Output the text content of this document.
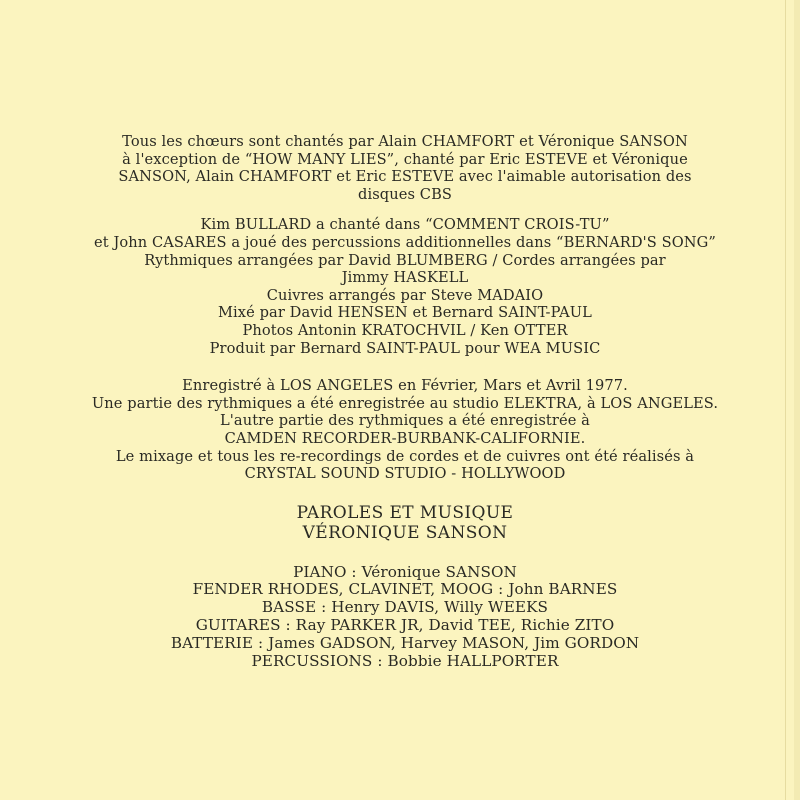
Tous les chœurs sont chantés par Alain CHAMFORT et Véronique SANSON

à l'exception de “HOW MANY LIES”, chanté par Eric ESTEVE et Véronique

SANSON, Alain CHAMFORT et Eric ESTEVE avec l'aimable autorisation des

disques CBS

Kim BULLARD a chanté dans “COMMENT CROIS-TU”

et John CASARES a joué des percussions additionnelles dans “BERNARD'S SONG”

Rythmiques arrangées par David BLUMBERG / Cordes arrangées par

Jimmy HASKELL

Cuivres arrangés par Steve MADAIO

Mixé par David HENSEN et Bernard SAINT-PAUL

Photos Antonin KRATOCHVIL / Ken OTTER

Produit par Bernard SAINT-PAUL pour WEA MUSIC

Enregistré à LOS ANGELES en Février, Mars et Avril 1977.

Une partie des rythmiques a été enregistrée au studio ELEKTRA, à LOS ANGELES.

L'autre partie des rythmiques a été enregistrée à

CAMDEN RECORDER-BURBANK-CALIFORNIE.

Le mixage et tous les re-recordings de cordes et de cuivres ont été réalisés à

CRYSTAL SOUND STUDIO - HOLLYWOOD

PAROLES ET MUSIQUE

VÉRONIQUE SANSON

PIANO : Véronique SANSON

FENDER RHODES, CLAVINET, MOOG : John BARNES

BASSE : Henry DAVIS, Willy WEEKS

GUITARES : Ray PARKER JR, David TEE, Richie ZITO

BATTERIE : James GADSON, Harvey MASON, Jim GORDON

PERCUSSIONS : Bobbie HALLPORTER
